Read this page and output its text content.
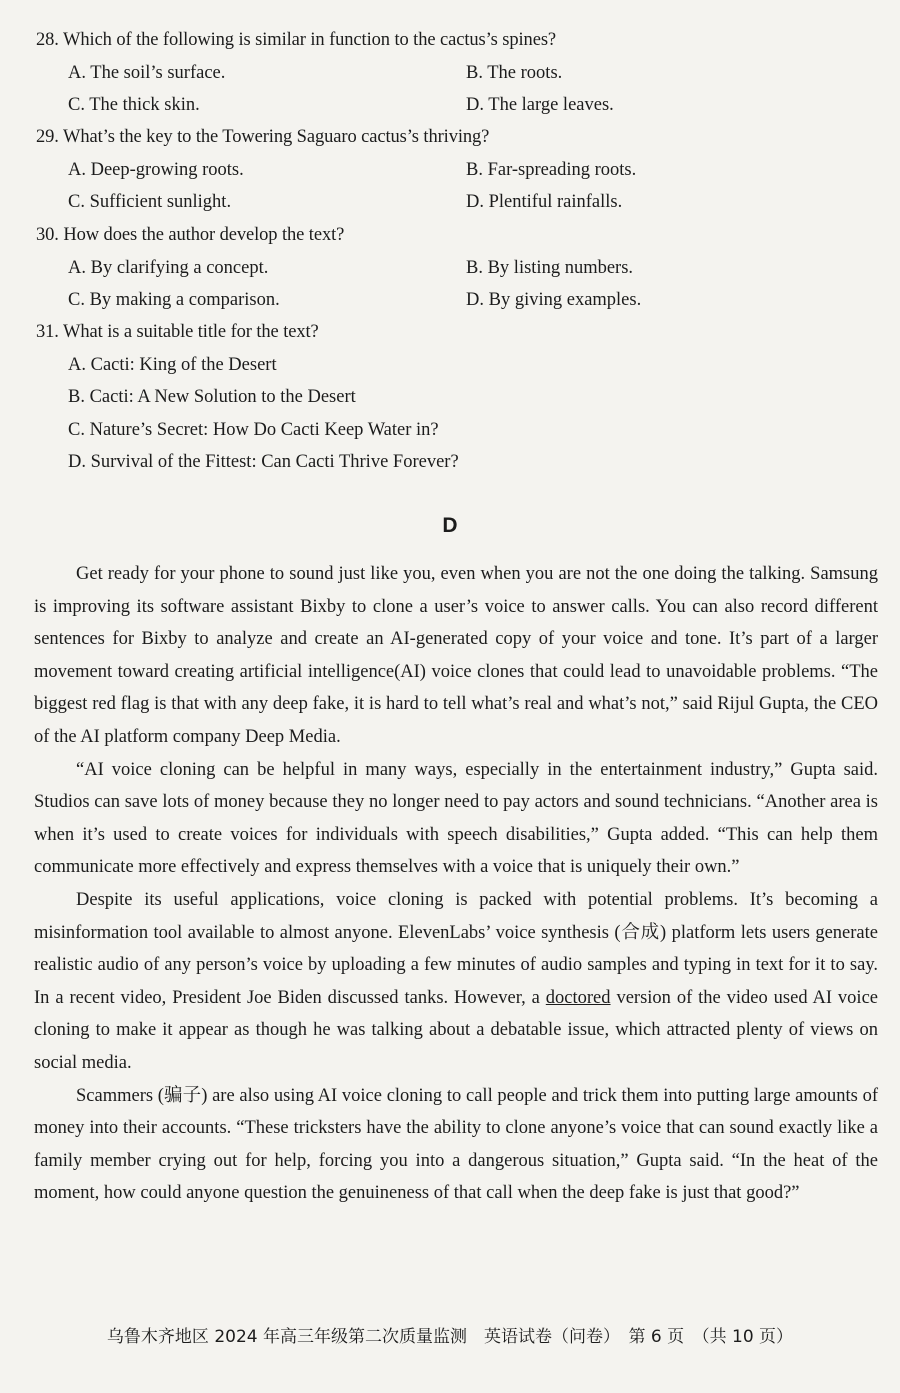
28. Which of the following is similar in function to the cactus’s spines?
A. The soil’s surface.	B. The roots.
C. The thick skin.	D. The large leaves.
29. What’s the key to the Towering Saguaro cactus’s thriving?
A. Deep-growing roots.	B. Far-spreading roots.
C. Sufficient sunlight.	D. Plentiful rainfalls.
30. How does the author develop the text?
A. By clarifying a concept.	B. By listing numbers.
C. By making a comparison.	D. By giving examples.
31. What is a suitable title for the text?
A. Cacti: King of the Desert
B. Cacti: A New Solution to the Desert
C. Nature’s Secret: How Do Cacti Keep Water in?
D. Survival of the Fittest: Can Cacti Thrive Forever?
D

Get ready for your phone to sound just like you, even when you are not the one doing the talking. Samsung is improving its software assistant Bixby to clone a user’s voice to answer calls. You can also record different sentences for Bixby to analyze and create an AI-generated copy of your voice and tone. It’s part of a larger movement toward creating artificial intelligence(AI) voice clones that could lead to unavoidable problems. “The biggest red flag is that with any deep fake, it is hard to tell what’s real and what’s not,” said Rijul Gupta, the CEO of the AI platform company Deep Media.

“AI voice cloning can be helpful in many ways, especially in the entertainment industry,” Gupta said. Studios can save lots of money because they no longer need to pay actors and sound technicians. “Another area is when it’s used to create voices for individuals with speech disabilities,” Gupta added. “This can help them communicate more effectively and express themselves with a voice that is uniquely their own.”

Despite its useful applications, voice cloning is packed with potential problems. It’s becoming a misinformation tool available to almost anyone. ElevenLabs’ voice synthesis (合成) platform lets users generate realistic audio of any person’s voice by uploading a few minutes of audio samples and typing in text for it to say. In a recent video, President Joe Biden discussed tanks. However, a doctored version of the video used AI voice cloning to make it appear as though he was talking about a debatable issue, which attracted plenty of views on social media.

Scammers (骗子) are also using AI voice cloning to call people and trick them into putting large amounts of money into their accounts. “These tricksters have the ability to clone anyone’s voice that can sound exactly like a family member crying out for help, forcing you into a dangerous situation,” Gupta said. “In the heat of the moment, how could anyone question the genuineness of that call when the deep fake is just that good?”

乌鲁木齐地区 2024 年高三年级第二次质量监测　英语试卷（问卷）　第 6 页　（共 10 页）
